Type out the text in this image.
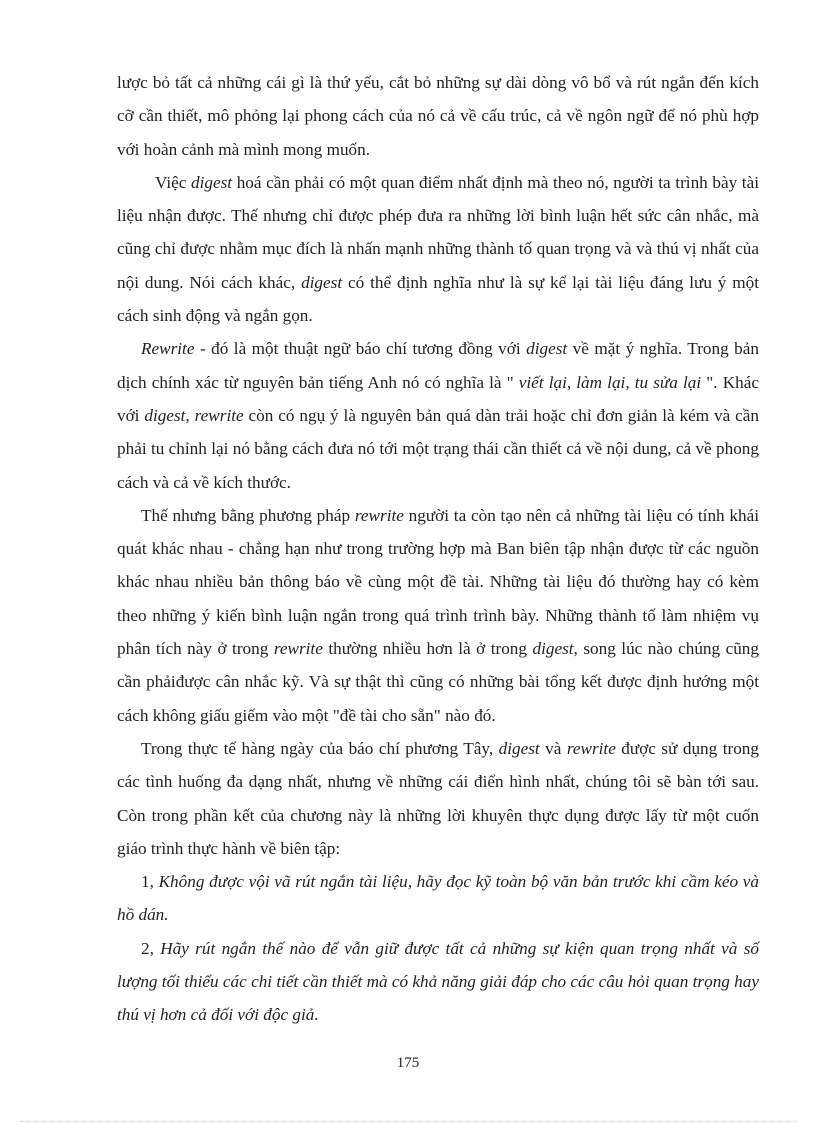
lược bỏ tất cả những cái gì là thứ yếu, cắt bỏ những sự dài dòng vô bổ và rút ngắn đến kích cỡ cần thiết, mô phỏng lại phong cách của nó cả về cấu trúc, cả về ngôn ngữ để nó phù hợp với hoàn cảnh mà mình mong muốn.

Việc digest hoá cần phải có một quan điểm nhất định mà theo nó, người ta trình bày tài liệu nhận được. Thế nhưng chỉ được phép đưa ra những lời bình luận hết sức cân nhắc, mà cũng chỉ được nhằm mục đích là nhấn mạnh những thành tố quan trọng và và thú vị nhất của nội dung. Nói cách khác, digest có thể định nghĩa như là sự kể lại tài liệu đáng lưu ý một cách sinh động và ngắn gọn.

Rewrite - đó là một thuật ngữ báo chí tương đồng với digest về mặt ý nghĩa. Trong bản dịch chính xác từ nguyên bản tiếng Anh nó có nghĩa là " viết lại, làm lại, tu sửa lại ". Khác với digest, rewrite còn có ngụ ý là nguyên bản quá dàn trải hoặc chỉ đơn giản là kém và cần phải tu chỉnh lại nó bằng cách đưa nó tới một trạng thái cần thiết cả về nội dung, cả về phong cách và cả về kích thước.

Thế nhưng bằng phương pháp rewrite người ta còn tạo nên cả những tài liệu có tính khái quát khác nhau - chẳng hạn như trong trường hợp mà Ban biên tập nhận được từ các nguồn khác nhau nhiều bản thông báo về cùng một đề tài. Những tài liệu đó thường hay có kèm theo những ý kiến bình luận ngắn trong quá trình trình bày. Những thành tố làm nhiệm vụ phân tích này ở trong rewrite thường nhiều hơn là ở trong digest, song lúc nào chúng cũng cần phảiđược cân nhắc kỹ. Và sự thật thì cũng có những bài tổng kết được định hướng một cách không giấu giếm vào một "đề tài cho sẵn" nào đó.

Trong thực tế hàng ngày của báo chí phương Tây, digest và rewrite được sử dụng trong các tình huống đa dạng nhất, nhưng về những cái điển hình nhất, chúng tôi sẽ bàn tới sau. Còn trong phần kết của chương này là những lời khuyên thực dụng được lấy từ một cuốn giáo trình thực hành về biên tập:

1, Không được vội vã rút ngắn tài liệu, hãy đọc kỹ toàn bộ văn bản trước khi cầm kéo và hồ dán.

2, Hãy rút ngắn thế nào để vẫn giữ được tất cả những sự kiện quan trọng nhất và số lượng tối thiểu các chi tiết cần thiết mà có khả năng giải đáp cho các câu hỏi quan trọng hay thú vị hơn cả đối với độc giả.

175
